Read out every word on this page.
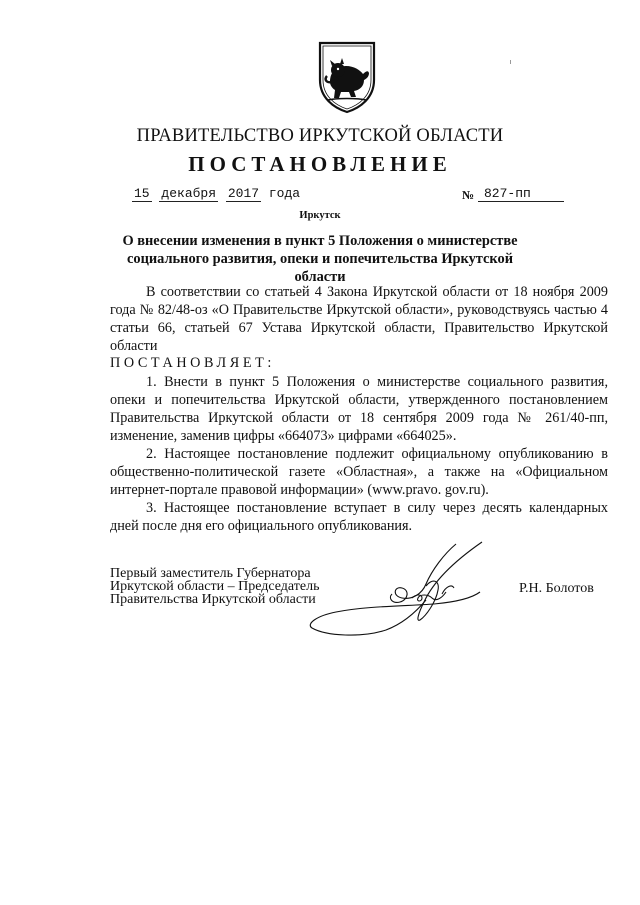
ПРАВИТЕЛЬСТВО ИРКУТСКОЙ ОБЛАСТИ
ПОСТАНОВЛЕНИЕ
15 декабря 2017 года	№ 827-пп
Иркутск
О внесении изменения в пункт 5 Положения о министерстве
социального развития, опеки и попечительства Иркутской области
В соответствии со статьей 4 Закона Иркутской области от 18 ноября 2009 года № 82/48-оз «О Правительстве Иркутской области», руководствуясь частью 4 статьи 66, статьей 67 Устава Иркутской области, Правительство Иркутской области
ПОСТАНОВЛЯЕТ:
1. Внести в пункт 5 Положения о министерстве социального развития, опеки и попечительства Иркутской области, утвержденного постановлением Правительства Иркутской области от 18 сентября 2009 года № 261/40-пп, изменение, заменив цифры «664073» цифрами «664025».
2. Настоящее постановление подлежит официальному опубликованию в общественно-политической газете «Областная», а также на «Официальном интернет-портале правовой информации» (www.pravo. gov.ru).
3. Настоящее постановление вступает в силу через десять календарных дней после дня его официального опубликования.
Первый заместитель Губернатора
Иркутской области – Председатель
Правительства Иркутской области
Р.Н. Болотов
